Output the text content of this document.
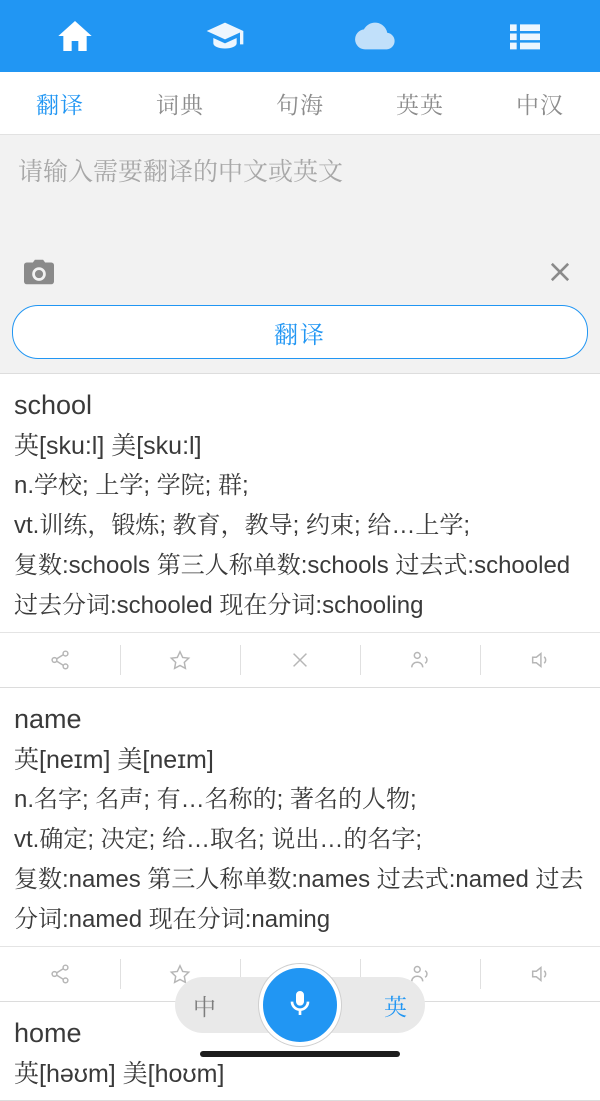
翻译	词典	句海	英英	中汉
请输入需要翻译的中文或英文
翻译
school
英[sku:l] 美[sku:l]
n.学校; 上学; 学院; 群;
vt.训练，锻炼; 教育，教导; 约束; 给…上学;
复数:schools 第三人称单数:schools 过去式:schooled 过去分词:schooled 现在分词:schooling
name
英[neɪm] 美[neɪm]
n.名字; 名声; 有…名称的; 著名的人物;
vt.确定; 决定; 给…取名; 说出…的名字;
复数:names 第三人称单数:names 过去式:named 过去分词:named 现在分词:naming
home
英[həʊm] 美[hoʊm]
中	英
